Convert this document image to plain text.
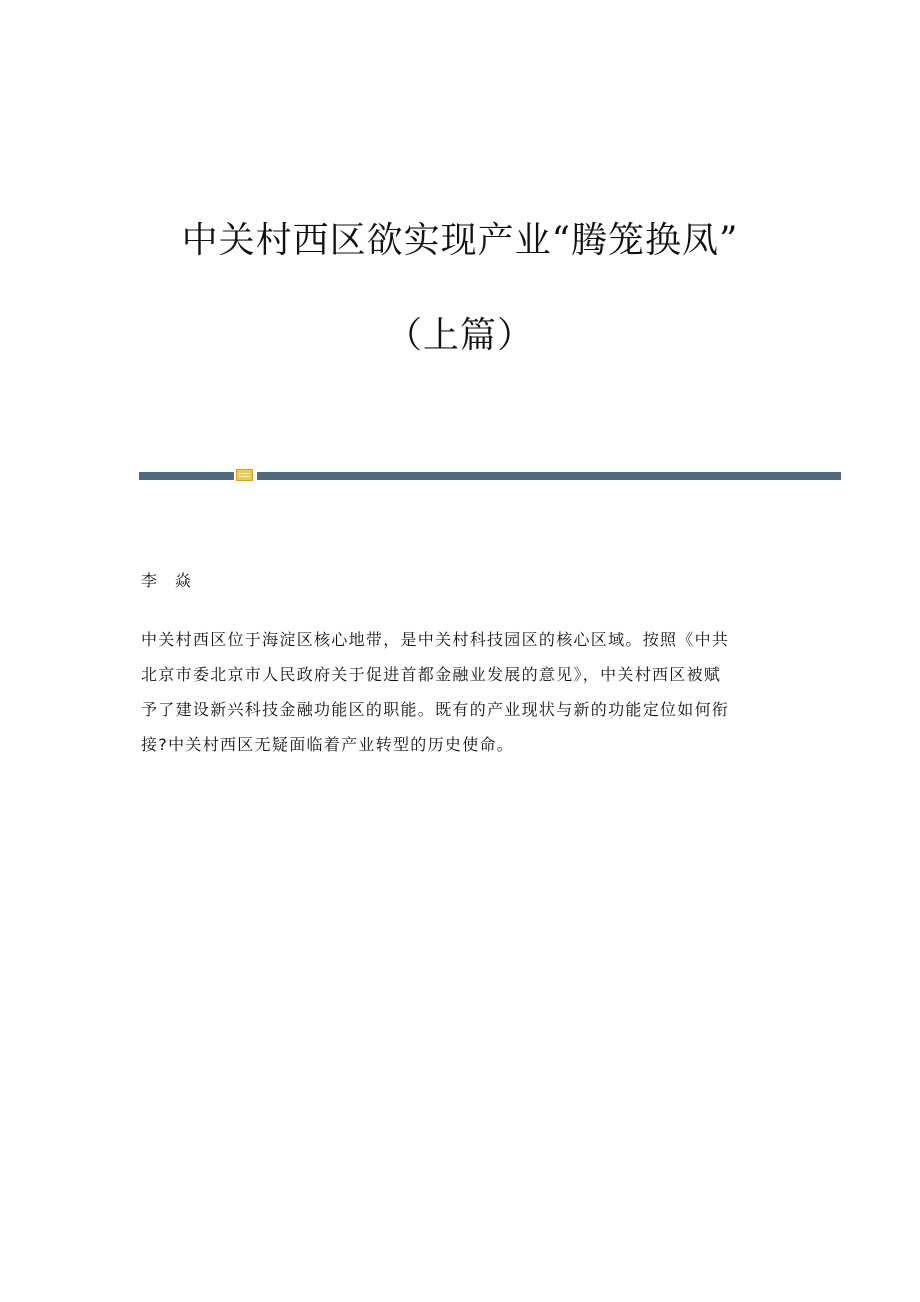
中关村西区欲实现产业“腾笼换凤”
（上篇）
李　焱
中关村西区位于海淀区核心地带，是中关村科技园区的核心区域。按照《中共
北京市委北京市人民政府关于促进首都金融业发展的意见》，中关村西区被赋
予了建设新兴科技金融功能区的职能。既有的产业现状与新的功能定位如何衔
接?中关村西区无疑面临着产业转型的历史使命。
